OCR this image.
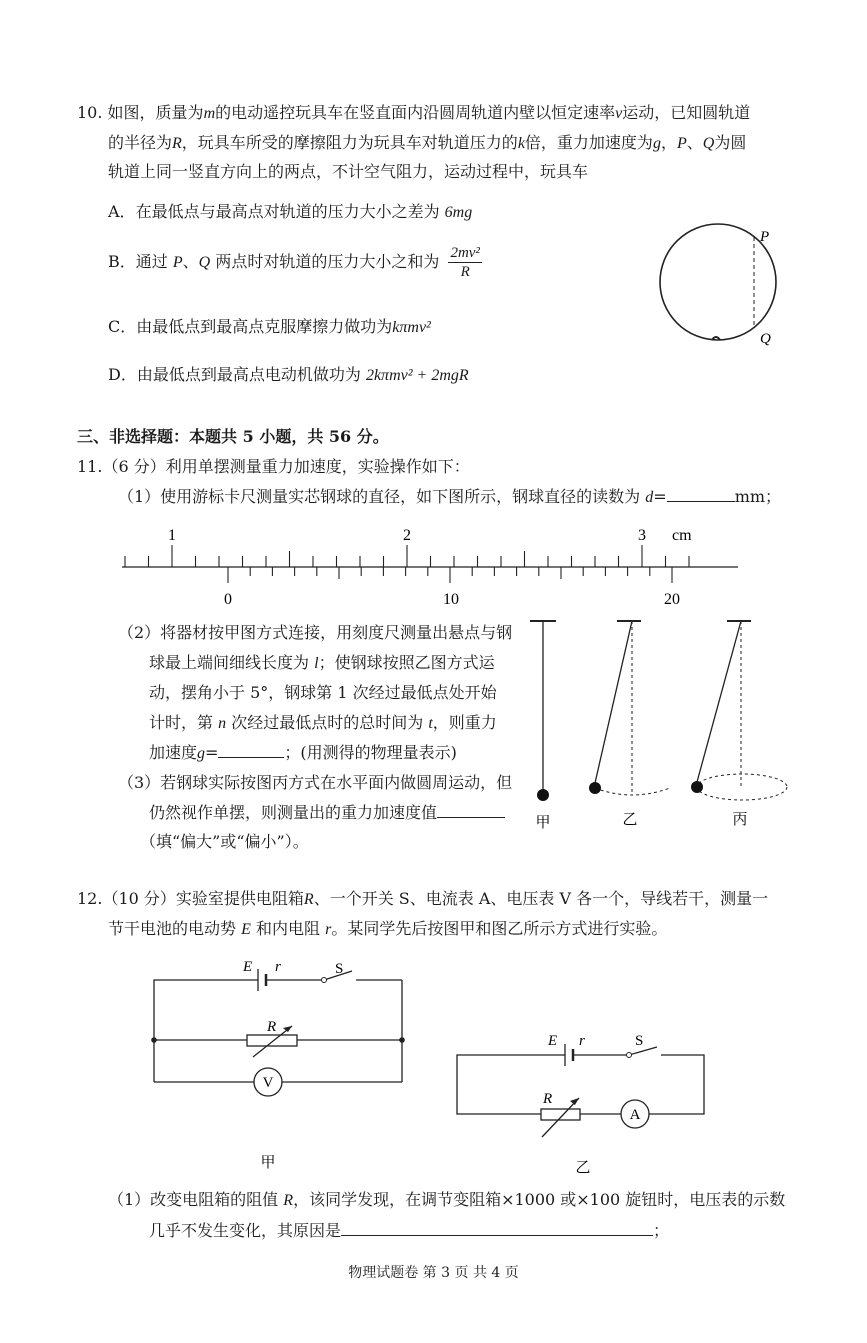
10. 如图，质量为m的电动遥控玩具车在竖直面内沿圆周轨道内壁以恒定速率v运动，已知圆轨道
的半径为R，玩具车所受的摩擦阻力为玩具车对轨道压力的k倍，重力加速度为g，P、Q为圆
轨道上同一竖直方向上的两点，不计空气阻力，运动过程中，玩具车
A．在最低点与最高点对轨道的压力大小之差为 6mg
B．通过 P、Q 两点时对轨道的压力大小之和为 $\frac{\text{2mv²}}{R}$
C．由最低点到最高点克服摩擦力做功为kπmv²
D．由最低点到最高点电动机做功为 2kπmv² + 2mgR
P
Q
三、非选择题：本题共 5 小题，共 56 分。
11.（6 分）利用单摆测量重力加速度，实验操作如下：
（1）使用游标卡尺测量实芯钢球的直径，如下图所示，钢球直径的读数为 d=	mm；
1	2	3 cm
0	10	20
（2）将器材按甲图方式连接，用刻度尺测量出悬点与钢
球最上端间细线长度为 l；使钢球按照乙图方式运
动，摆角小于 5°，钢球第 1 次经过最低点处开始
计时，第 n 次经过最低点时的总时间为 t，则重力
加速度g=	；(用测得的物理量表示)
（3）若钢球实际按图丙方式在水平面内做圆周运动，但
仍然视作单摆，则测量出的重力加速度值
（填“偏大”或“偏小”）。
甲	乙	丙
12.（10 分）实验室提供电阻箱R、一个开关 S、电流表 A、电压表 V 各一个，导线若干，测量一
节干电池的电动势 E 和内电阻 r。某同学先后按图甲和图乙所示方式进行实验。
E r	S
R
V
甲
E r	S
R
A
乙
（1）改变电阻箱的阻值 R，该同学发现，在调节变阻箱×1000 或×100 旋钮时，电压表的示数
几乎不发生变化，其原因是	；
物理试题卷 第 3 页 共 4 页
